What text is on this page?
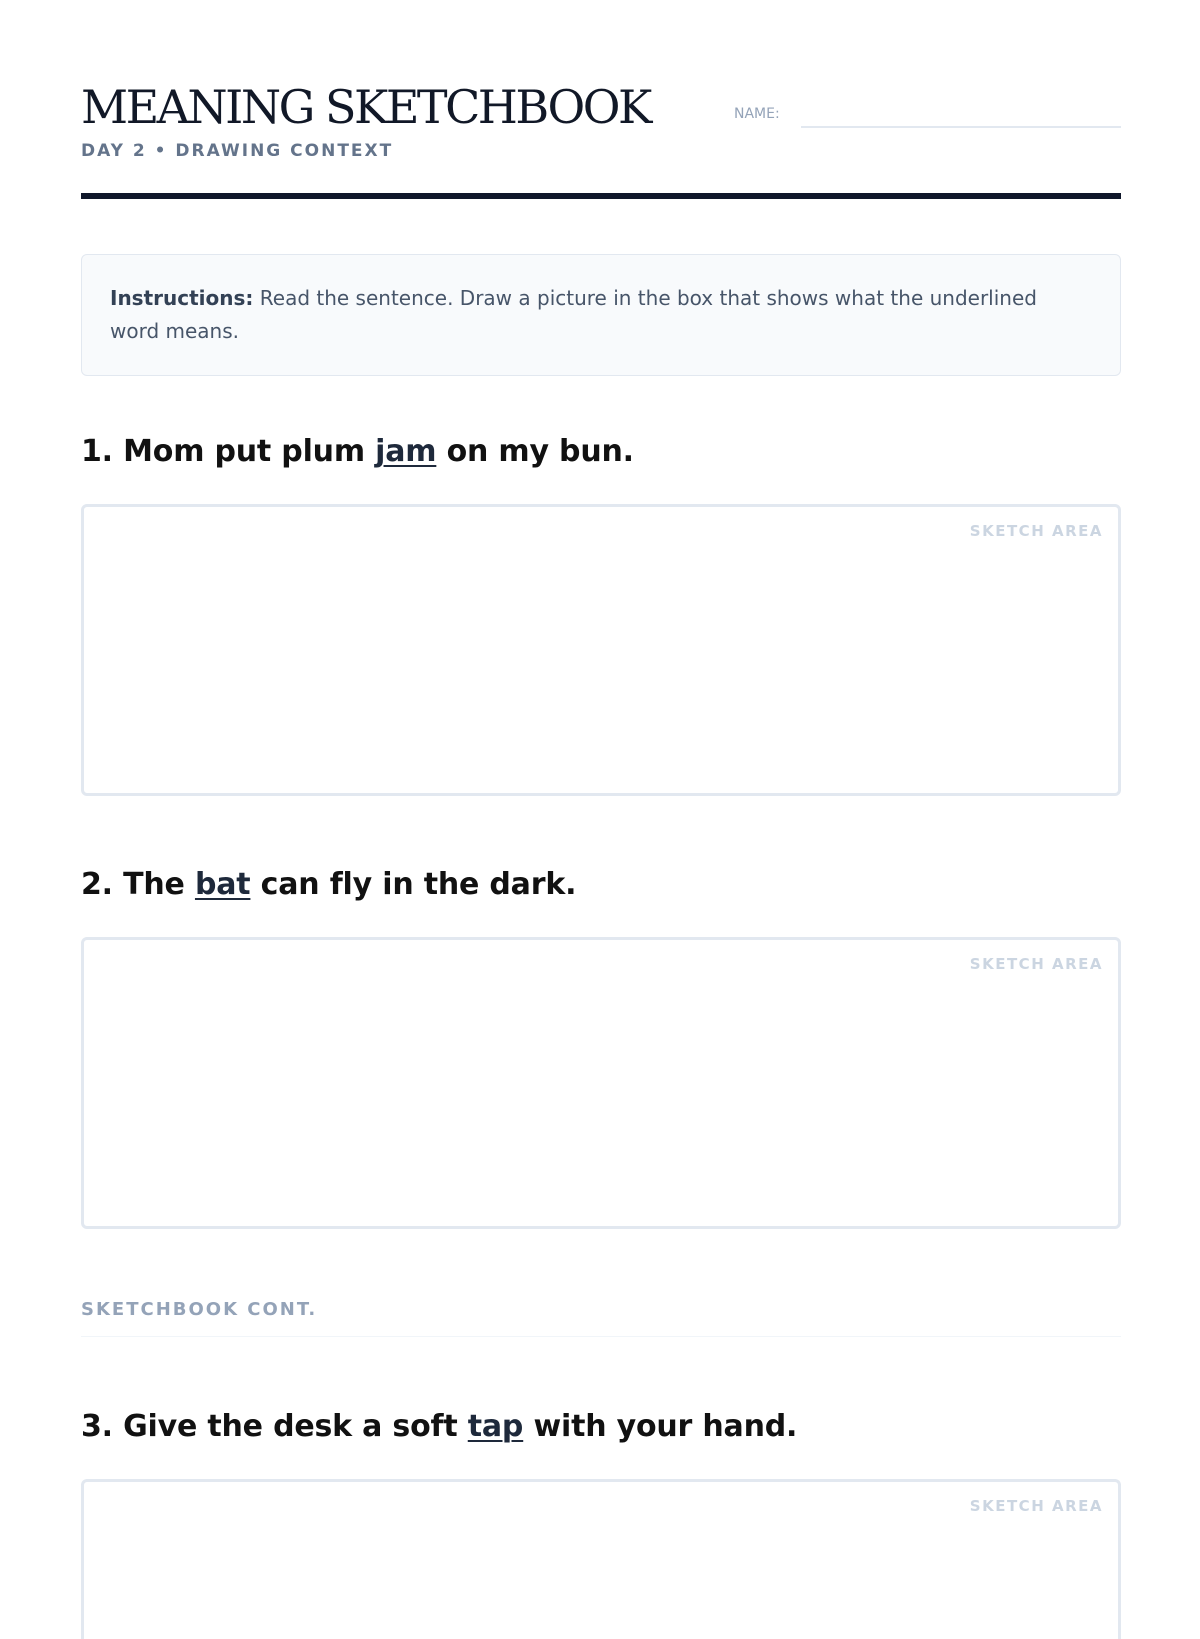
MEANING SKETCHBOOK
DAY 2 • DRAWING CONTEXT
NAME:
Instructions: Read the sentence. Draw a picture in the box that shows what the underlined word means.
1. Mom put plum jam on my bun.
SKETCH AREA
2. The bat can fly in the dark.
SKETCH AREA
SKETCHBOOK CONT.
3. Give the desk a soft tap with your hand.
SKETCH AREA
